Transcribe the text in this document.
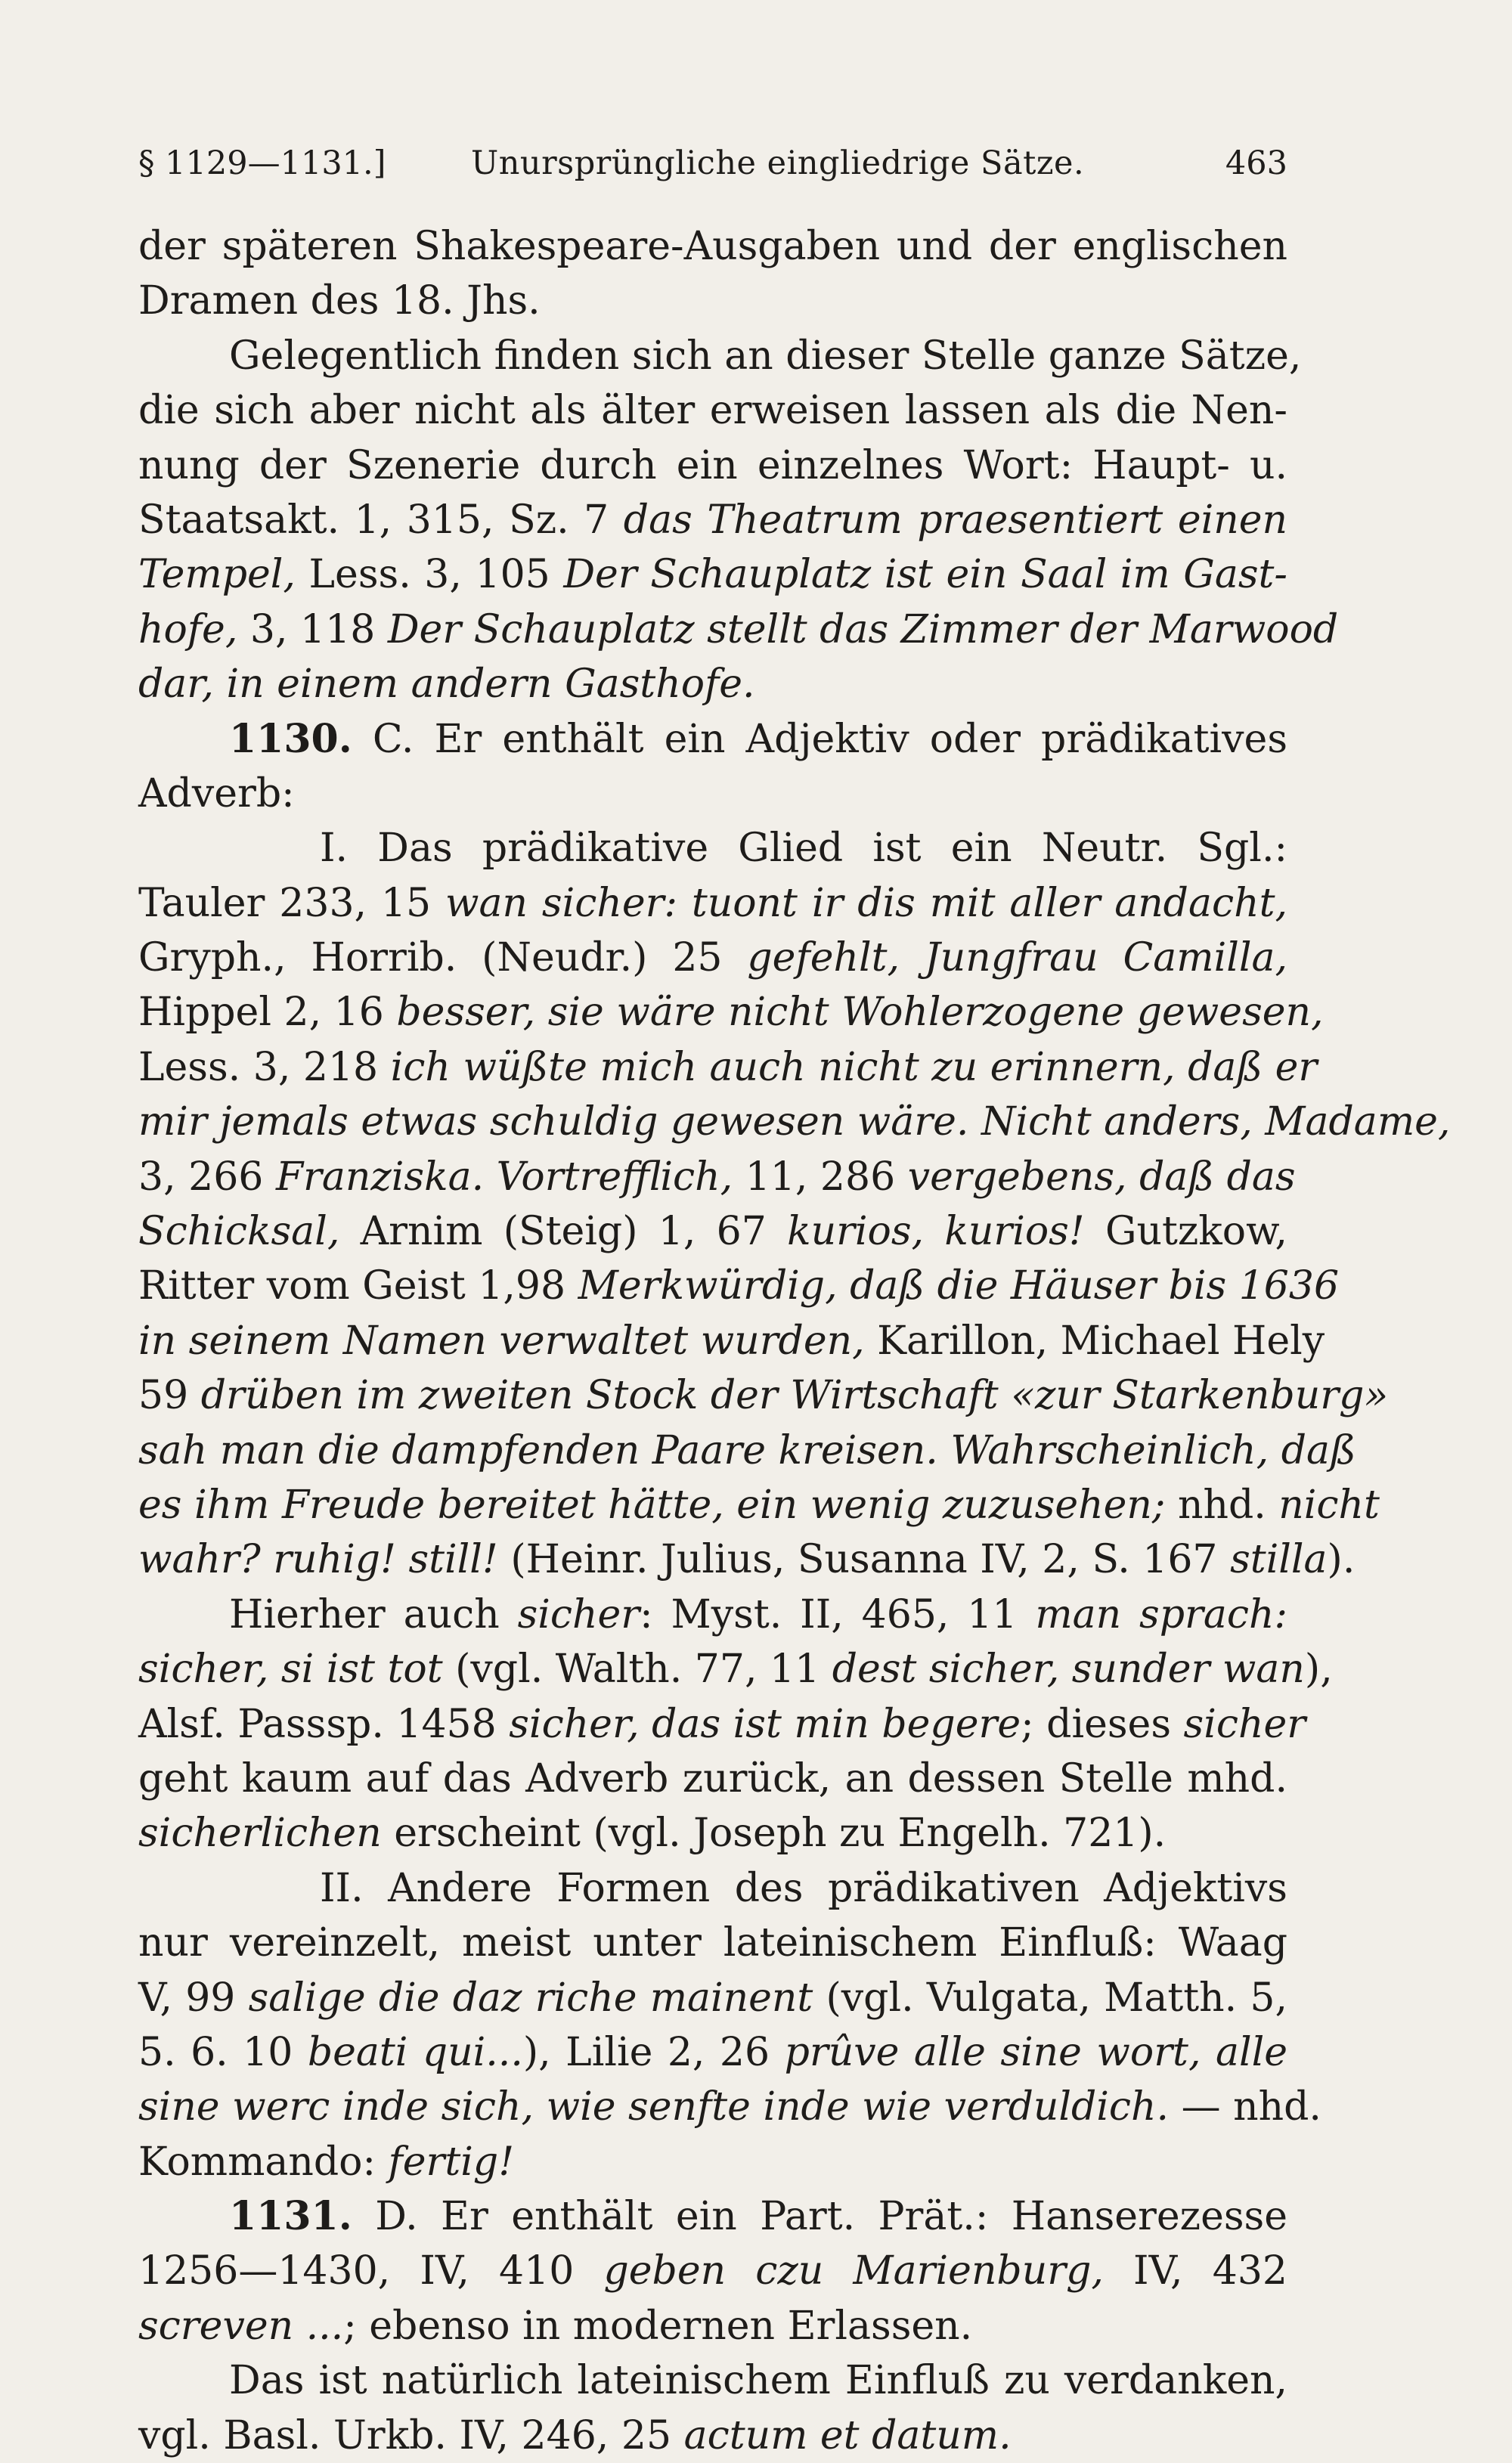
§ 1129—1131.]	Unursprüngliche eingliedrige Sätze.	463
der späteren Shakespeare-Ausgaben und der englischen
Dramen des 18. Jhs.
Gelegentlich finden sich an dieser Stelle ganze Sätze,
die sich aber nicht als älter erweisen lassen als die Nen-
nung der Szenerie durch ein einzelnes Wort: Haupt- u.
Staatsakt. 1, 315, Sz. 7 das Theatrum praesentiert einen
Tempel, Less. 3, 105 Der Schauplatz ist ein Saal im Gast-
hofe, 3, 118 Der Schauplatz stellt das Zimmer der Marwood
dar, in einem andern Gasthofe.
1130. C. Er enthält ein Adjektiv oder prädikatives
Adverb:
I. Das prädikative Glied ist ein Neutr. Sgl.:
Tauler 233, 15 wan sicher: tuont ir dis mit aller andacht,
Gryph., Horrib. (Neudr.) 25 gefehlt, Jungfrau Camilla,
Hippel 2, 16 besser, sie wäre nicht Wohlerzogene gewesen,
Less. 3, 218 ich wüßte mich auch nicht zu erinnern, daß er
mir jemals etwas schuldig gewesen wäre. Nicht anders, Madame,
3, 266 Franziska. Vortrefflich, 11, 286 vergebens, daß das
Schicksal, Arnim (Steig) 1, 67 kurios, kurios! Gutzkow,
Ritter vom Geist 1,98 Merkwürdig, daß die Häuser bis 1636
in seinem Namen verwaltet wurden, Karillon, Michael Hely
59 drüben im zweiten Stock der Wirtschaft «zur Starkenburg»
sah man die dampfenden Paare kreisen. Wahrscheinlich, daß
es ihm Freude bereitet hätte, ein wenig zuzusehen; nhd. nicht
wahr? ruhig! still! (Heinr. Julius, Susanna IV, 2, S. 167 stilla).
Hierher auch sicher: Myst. II, 465, 11 man sprach:
sicher, si ist tot (vgl. Walth. 77, 11 dest sicher, sunder wan),
Alsf. Passsp. 1458 sicher, das ist min begere; dieses sicher
geht kaum auf das Adverb zurück, an dessen Stelle mhd.
sicherlichen erscheint (vgl. Joseph zu Engelh. 721).
II. Andere Formen des prädikativen Adjektivs
nur vereinzelt, meist unter lateinischem Einfluß: Waag
V, 99 salige die daz riche mainent (vgl. Vulgata, Matth. 5,
5. 6. 10 beati qui...), Lilie 2, 26 prûve alle sine wort, alle
sine werc inde sich, wie senfte inde wie verduldich. — nhd.
Kommando: fertig!
1131. D. Er enthält ein Part. Prät.: Hanserezesse
1256—1430, IV, 410 geben czu Marienburg, IV, 432
screven ...; ebenso in modernen Erlassen.
Das ist natürlich lateinischem Einfluß zu verdanken,
vgl. Basl. Urkb. IV, 246, 25 actum et datum.
